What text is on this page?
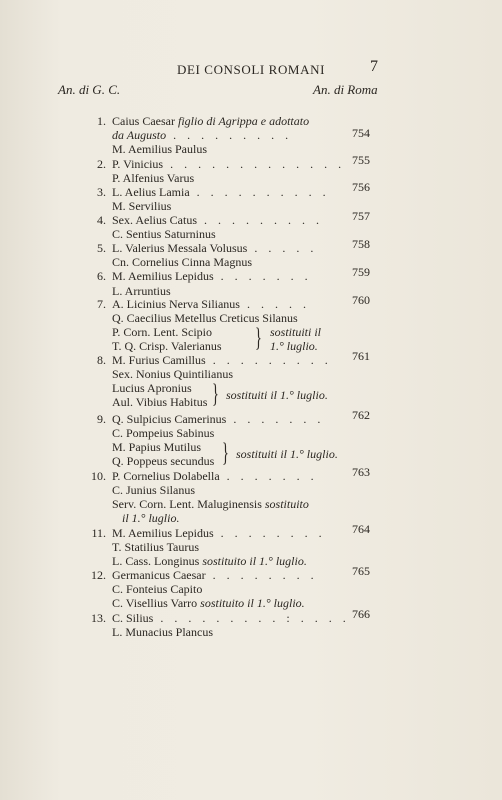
DEI CONSOLI ROMANI	7
An. di G. C.	An. di Roma
1. Caius Caesar figlio di Agrippa e adottato
da Augusto . . . . . . . . .	754
M. Aemilius Paulus
2. P. Vinicius . . . . . . . . . . . . . 755
P. Alfenius Varus
3. L. Aelius Lamia . . . . . . . . . . 756
M. Servilius
4. Sex. Aelius Catus . . . . . . . . . 757
C. Sentius Saturninus
5. L. Valerius Messala Volusus . . . . .	758
Cn. Cornelius Cinna Magnus
6. M. Aemilius Lepidus . . . . . . .	759
L. Arruntius
7. A. Licinius Nerva Silianus . . . . .	760
Q. Caecilius Metellus Creticus Silanus
P. Corn. Lent. Scipio
T. Q. Crisp. Valerianus } sostituiti il
1.° luglio.
8. M. Furius Camillus . . . . . . . . . 761
Sex. Nonius Quintilianus
Lucius Apronius
Aul. Vibius Habitus } sostituiti il 1.° luglio.
9. Q. Sulpicius Camerinus . . . . . . . 762
C. Pompeius Sabinus
M. Papius Mutilus
Q. Poppeus secundus } sostituiti il 1.° luglio.
10. P. Cornelius Dolabella . . . . . . .	763
C. Junius Silanus
Serv. Corn. Lent. Maluginensis sostituito
il 1.° luglio.
11. M. Aemilius Lepidus . . . . . . . . 764
T. Statilius Taurus
L. Cass. Longinus sostituito il 1.° luglio.
12. Germanicus Caesar . . . . . . . .	765
C. Fonteius Capito
C. Visellius Varro sostituito il 1.° luglio.
13. C. Silius . . . . . . . . . : . . . . 766
L. Munacius Plancus
